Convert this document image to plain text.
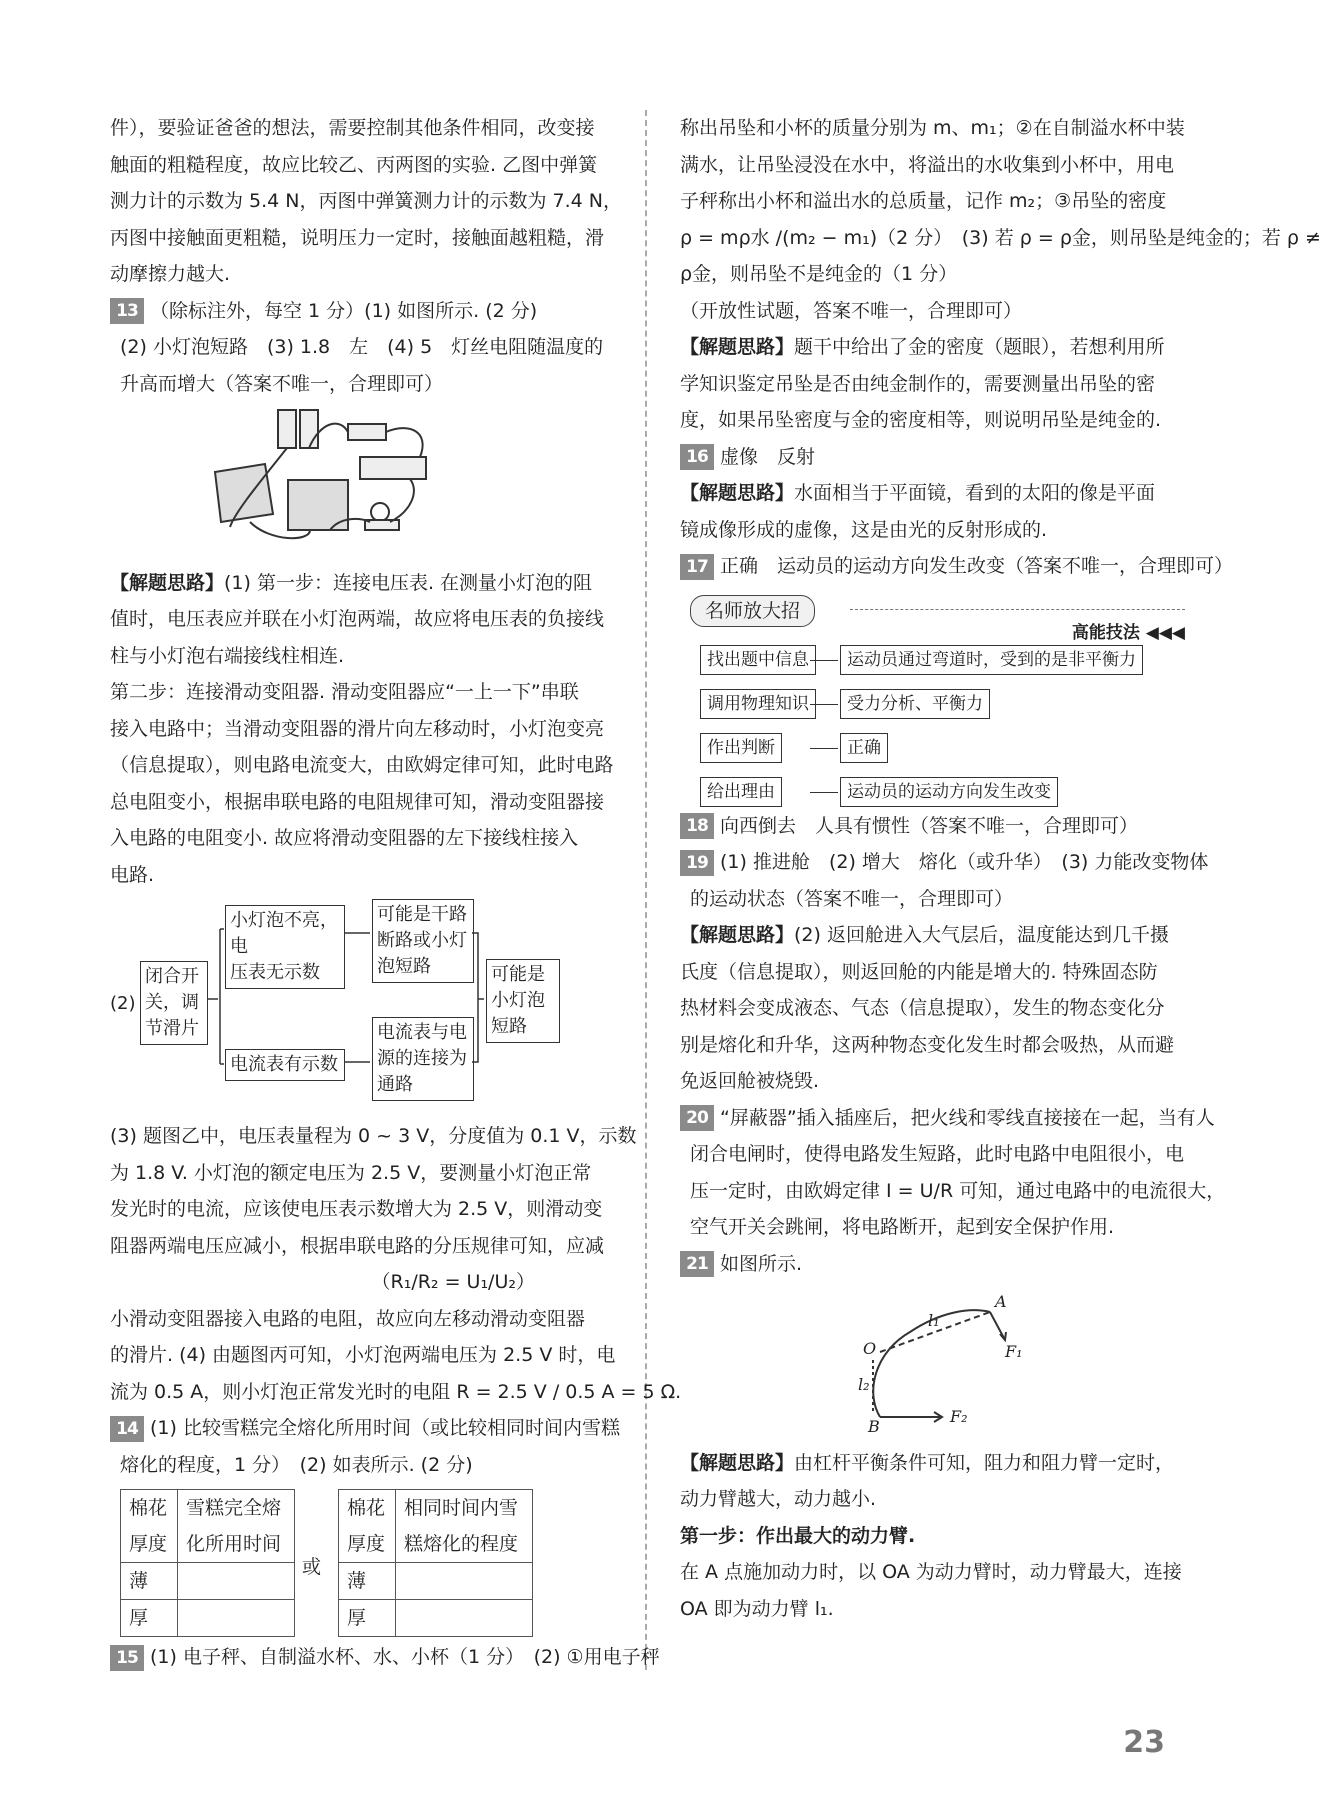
件），要验证爸爸的想法，需要控制其他条件相同，改变接
触面的粗糙程度，故应比较乙、丙两图的实验. 乙图中弹簧
测力计的示数为 5.4 N，丙图中弹簧测力计的示数为 7.4 N，
丙图中接触面更粗糙，说明压力一定时，接触面越粗糙，滑
动摩擦力越大.
13 （除标注外，每空 1 分）(1) 如图所示. (2 分)
(2) 小灯泡短路　(3) 1.8　左　(4) 5　灯丝电阻随温度的
升高而增大（答案不唯一，合理即可）
【解题思路】(1) 第一步：连接电压表. 在测量小灯泡的阻
值时，电压表应并联在小灯泡两端，故应将电压表的负接线
柱与小灯泡右端接线柱相连.
第二步：连接滑动变阻器. 滑动变阻器应“一上一下”串联
接入电路中；当滑动变阻器的滑片向左移动时，小灯泡变亮
（信息提取），则电路电流变大，由欧姆定律可知，此时电路
总电阻变小，根据串联电路的电阻规律可知，滑动变阻器接
入电路的电阻变小. 故应将滑动变阻器的左下接线柱接入
电路.
(2)
闭合开
关，调
节滑片
小灯泡不亮，电
压表无示数
电流表有示数
可能是干路
断路或小灯
泡短路
电流表与电
源的连接为
通路
可能是
小灯泡
短路
(3) 题图乙中，电压表量程为 0 ~ 3 V，分度值为 0.1 V，示数
为 1.8 V. 小灯泡的额定电压为 2.5 V，要测量小灯泡正常
发光时的电流，应该使电压表示数增大为 2.5 V，则滑动变
阻器两端电压应减小，根据串联电路的分压规律可知，应减
（R₁/R₂ = U₁/U₂）
小滑动变阻器接入电路的电阻，故应向左移动滑动变阻器
的滑片. (4) 由题图丙可知，小灯泡两端电压为 2.5 V 时，电
流为 0.5 A，则小灯泡正常发光时的电阻 R = 2.5 V / 0.5 A = 5 Ω.
14 (1) 比较雪糕完全熔化所用时间（或比较相同时间内雪糕
熔化的程度，1 分）　(2) 如表所示. (2 分)
棉花
厚度	雪糕完全熔
化所用时间
薄	
厚	
或
棉花
厚度	相同时间内雪
糕熔化的程度
薄	
厚	
15 (1) 电子秤、自制溢水杯、水、小杯（1 分）　(2) ①用电子秤
称出吊坠和小杯的质量分别为 m、m₁；②在自制溢水杯中装
满水，让吊坠浸没在水中，将溢出的水收集到小杯中，用电
子秤称出小杯和溢出水的总质量，记作 m₂；③吊坠的密度
ρ = mρ水 /(m₂ − m₁)（2 分）　(3) 若 ρ = ρ金，则吊坠是纯金的；若 ρ ≠
ρ金，则吊坠不是纯金的（1 分）
（开放性试题，答案不唯一，合理即可）
【解题思路】题干中给出了金的密度（题眼），若想利用所
学知识鉴定吊坠是否由纯金制作的，需要测量出吊坠的密
度，如果吊坠密度与金的密度相等，则说明吊坠是纯金的.
16 虚像　反射
【解题思路】水面相当于平面镜，看到的太阳的像是平面
镜成像形成的虚像，这是由光的反射形成的.
17 正确　运动员的运动方向发生改变（答案不唯一，合理即可）
名师放大招
高能技法 ◀◀◀
找出题中信息	运动员通过弯道时，受到的是非平衡力
调用物理知识	受力分析、平衡力
作出判断	正确
给出理由	运动员的运动方向发生改变
18 向西倒去　人具有惯性（答案不唯一，合理即可）
19 (1) 推进舱　(2) 增大　熔化（或升华）　(3) 力能改变物体
的运动状态（答案不唯一，合理即可）
【解题思路】(2) 返回舱进入大气层后，温度能达到几千摄
氏度（信息提取），则返回舱的内能是增大的. 特殊固态防
热材料会变成液态、气态（信息提取），发生的物态变化分
别是熔化和升华，这两种物态变化发生时都会吸热，从而避
免返回舱被烧毁.
20 “屏蔽器”插入插座后，把火线和零线直接接在一起，当有人
闭合电闸时，使得电路发生短路，此时电路中电阻很小，电
压一定时，由欧姆定律 I = U/R 可知，通过电路中的电流很大，
空气开关会跳闸，将电路断开，起到安全保护作用.
21 如图所示.
A
O
B
F₁
F₂
l₁
l₂
【解题思路】由杠杆平衡条件可知，阻力和阻力臂一定时，
动力臂越大，动力越小.
第一步：作出最大的动力臂.
在 A 点施加动力时，以 OA 为动力臂时，动力臂最大，连接
OA 即为动力臂 l₁.
23
